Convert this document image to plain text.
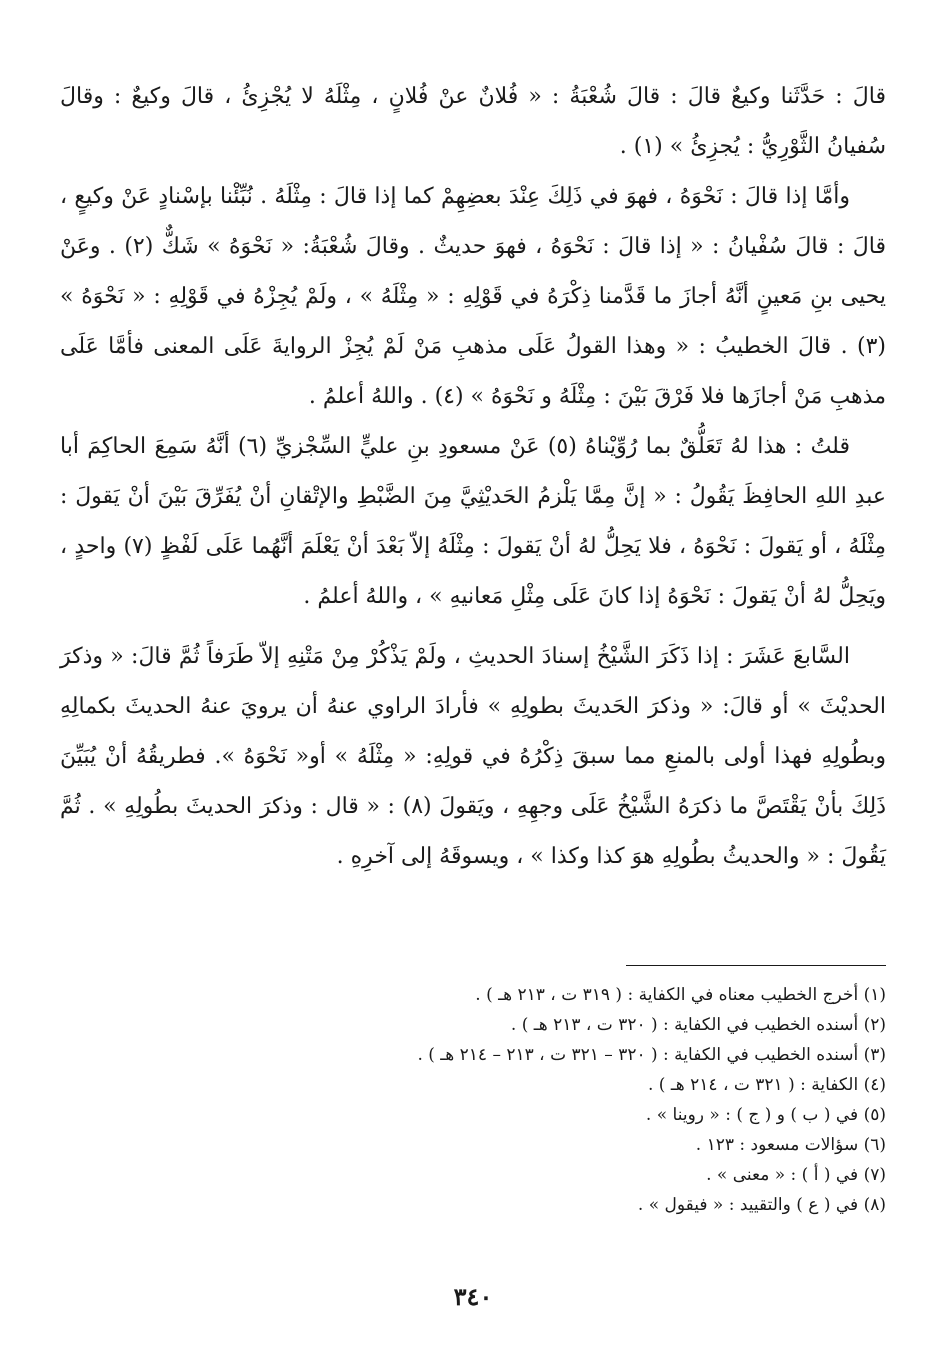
قالَ : حَدَّثَنا وكيعٌ قالَ : قالَ شُعْبَةُ : « فُلانٌ عنْ فُلانٍ ، مِثْلَهُ لا يُجْزِئُ ، قالَ وكيعٌ : وقالَ سُفيانُ الثَّوْرِيُّ : يُجزِئُ » (١) .

وأمَّا إذا قالَ : نَحْوَهُ ، فهوَ في ذَلِكَ عِنْدَ بعضِهِمْ كما إذا قالَ : مِثْلَهُ . نُبِّئْنا بإسْنادٍ عَنْ وكيعٍ ، قالَ : قالَ سُفْيانُ : « إذا قالَ : نَحْوَهُ ، فهوَ حديثٌ . وقالَ شُعْبَةُ: « نَحْوَهُ » شَكٌّ (٢) . وعَنْ يحيى بنِ مَعينٍ أنَّهُ أجازَ ما قَدَّمنا ذِكْرَهُ في قَوْلِهِ : « مِثْلَهُ » ، ولَمْ يُجِزْهُ في قَوْلِهِ : « نَحْوَهُ » (٣) . قالَ الخطيبُ : « وهذا القولُ عَلَى مذهبِ مَنْ لَمْ يُجِزْ الروايةَ عَلَى المعنى فأمَّا عَلَى مذهبِ مَنْ أجازَها فلا فَرْقَ بَيْنَ : مِثْلَهُ و نَحْوَهُ » (٤) . واللهُ أعلمُ .

قلتُ : هذا لهُ تَعَلُّقٌ بما رُوِّيْناهُ (٥) عَنْ مسعودِ بنِ عليٍّ السِّجْزيِّ (٦) أنَّهُ سَمِعَ الحاكِمَ أبا عبدِ اللهِ الحافِظَ يَقُولُ : « إنَّ مِمَّا يَلْزمُ الحَديْثِيَّ مِنَ الضَّبْطِ والإتْقانِ أنْ يُفَرِّقَ بَيْنَ أنْ يَقولَ : مِثْلَهُ ، أو يَقولَ : نَحْوَهُ ، فلا يَحِلُّ لهُ أنْ يَقولَ : مِثْلَهُ إلاّ بَعْدَ أنْ يَعْلَمَ أنَّهُما عَلَى لَفْظٍ (٧) واحدٍ ، ويَحِلُّ لهُ أنْ يَقولَ : نَحْوَهُ إذا كانَ عَلَى مِثْلِ مَعانيهِ » ، واللهُ أعلمُ .

السَّابعَ عَشَرَ : إذا ذَكَرَ الشَّيْخُ إسنادَ الحديثِ ، ولَمْ يَذْكُرْ مِنْ مَتْنِهِ إلاّ طَرَفاً ثُمَّ قالَ: « وذكرَ الحديْثَ » أو قالَ: « وذكرَ الحَديثَ بطولِهِ » فأرادَ الراوي عنهُ أن يرويَ عنهُ الحديثَ بكمالِهِ وبطُولِهِ فهذا أولى بالمنعِ مما سبقَ ذِكْرُهُ في قولِهِ: « مِثْلَهُ » أو« نَحْوَهُ ». فطريقُهُ أنْ يُبَيِّنَ ذَلِكَ بأنْ يَقْتَصَّ ما ذكرَهُ الشَّيْخُ عَلَى وجهِهِ ، ويَقولَ (٨) : « قال : وذكرَ الحديثَ بطُولِهِ » . ثُمَّ يَقُولَ : « والحديثُ بطُولِهِ هوَ كذا وكذا » ، ويسوقَهُ إلى آخرِهِ .

(١) أخرج الخطيب معناه في الكفاية : ( ٣١٩ ت ، ٢١٣ هـ ) .
(٢) أسنده الخطيب في الكفاية : ( ٣٢٠ ت ، ٢١٣ هـ ) .
(٣) أسنده الخطيب في الكفاية : ( ٣٢٠ – ٣٢١ ت ، ٢١٣ – ٢١٤ هـ ) .
(٤) الكفاية : ( ٣٢١ ت ، ٢١٤ هـ ) .
(٥) في ( ب ) و ( ج ) : « روينا » .
(٦) سؤالات مسعود : ١٢٣ .
(٧) في ( أ ) : « معنى » .
(٨) في ( ع ) والتقييد : « فيقول » .
٣٤٠
